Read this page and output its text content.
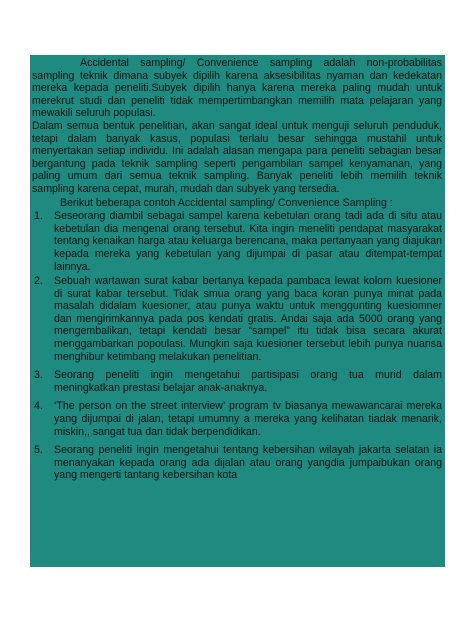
Accidental sampling/ Convenience sampling adalah non-probabilitas sampling teknik dimana subyek dipilih karena aksesibilitas nyaman dan kedekatan mereka kepada peneliti.Subyek dipilih hanya karena mereka paling mudah untuk merekrut studi dan peneliti tidak mempertimbangkan memilih mata pelajaran yang mewakili seluruh populasi.

Dalam semua bentuk penelitian, akan sangat ideal untuk menguji seluruh penduduk, tetapi dalam banyak kasus, populasi terlalu besar sehingga mustahil untuk menyertakan setiap individu. Ini adalah alasan mengapa para peneliti sebagian besar bergantung pada teknik sampling seperti pengambilan sampel kenyamanan, yang paling umum dari semua teknik sampling. Banyak peneliti lebih memilih teknik sampling karena cepat, murah, mudah dan subyek yang tersedia.

Berikut beberapa contoh Accidental sampling/ Convenience Sampling :

1. Seseorang diambil sebagai sampel karena kebetulan orang tadi ada di situ atau kebetulan dia mengenal orang tersebut. Kita ingin meneliti pendapat masyarakat tentang kenaikan harga atau keluarga berencana, maka pertanyaan yang diajukan kepada mereka yang kebetulan yang dijumpai di pasar atau ditempat-tempat lainnya.
2. Sebuah wartawan surat kabar bertanya kepada pambaca lewat kolom kuesioner di surat kabar tersebut. Tidak smua orang yang baca koran punya minat pada masalah didalam kuesioner, atau punya waktu untuk menggunting kuesiomner dan mengirimkannya pada pos kendati gratis. Andai saja ada 5000 orang yang mengembalikan, tetapi kendati besar “sampel” itu tidak bisa secara akurat menggambarkan popoulasi. Mungkin saja kuesioner tersebut lebih punya nuansa menghibur ketimbang melakukan penelitian.
3. Seorang peneliti ingin mengetahui partisipasi orang tua murid dalam meningkatkan prestasi belajar anak-anaknya.
4. ‘The person on the street interview’ program tv biasanya mewawancarai mereka yang dijumpai di jalan, tetapi umumny a mereka yang kelihatan tiadak menarik, miskin,, sangat tua dan tidak berpendidikan.
5. Seorang peneliti ingin mengetahui tentang kebersihan wilayah jakarta selatan ia menanyakan kepada orang ada dijalan atau orang yangdia jumpaibukan orang yang mengerti tantang kebersihan kota
